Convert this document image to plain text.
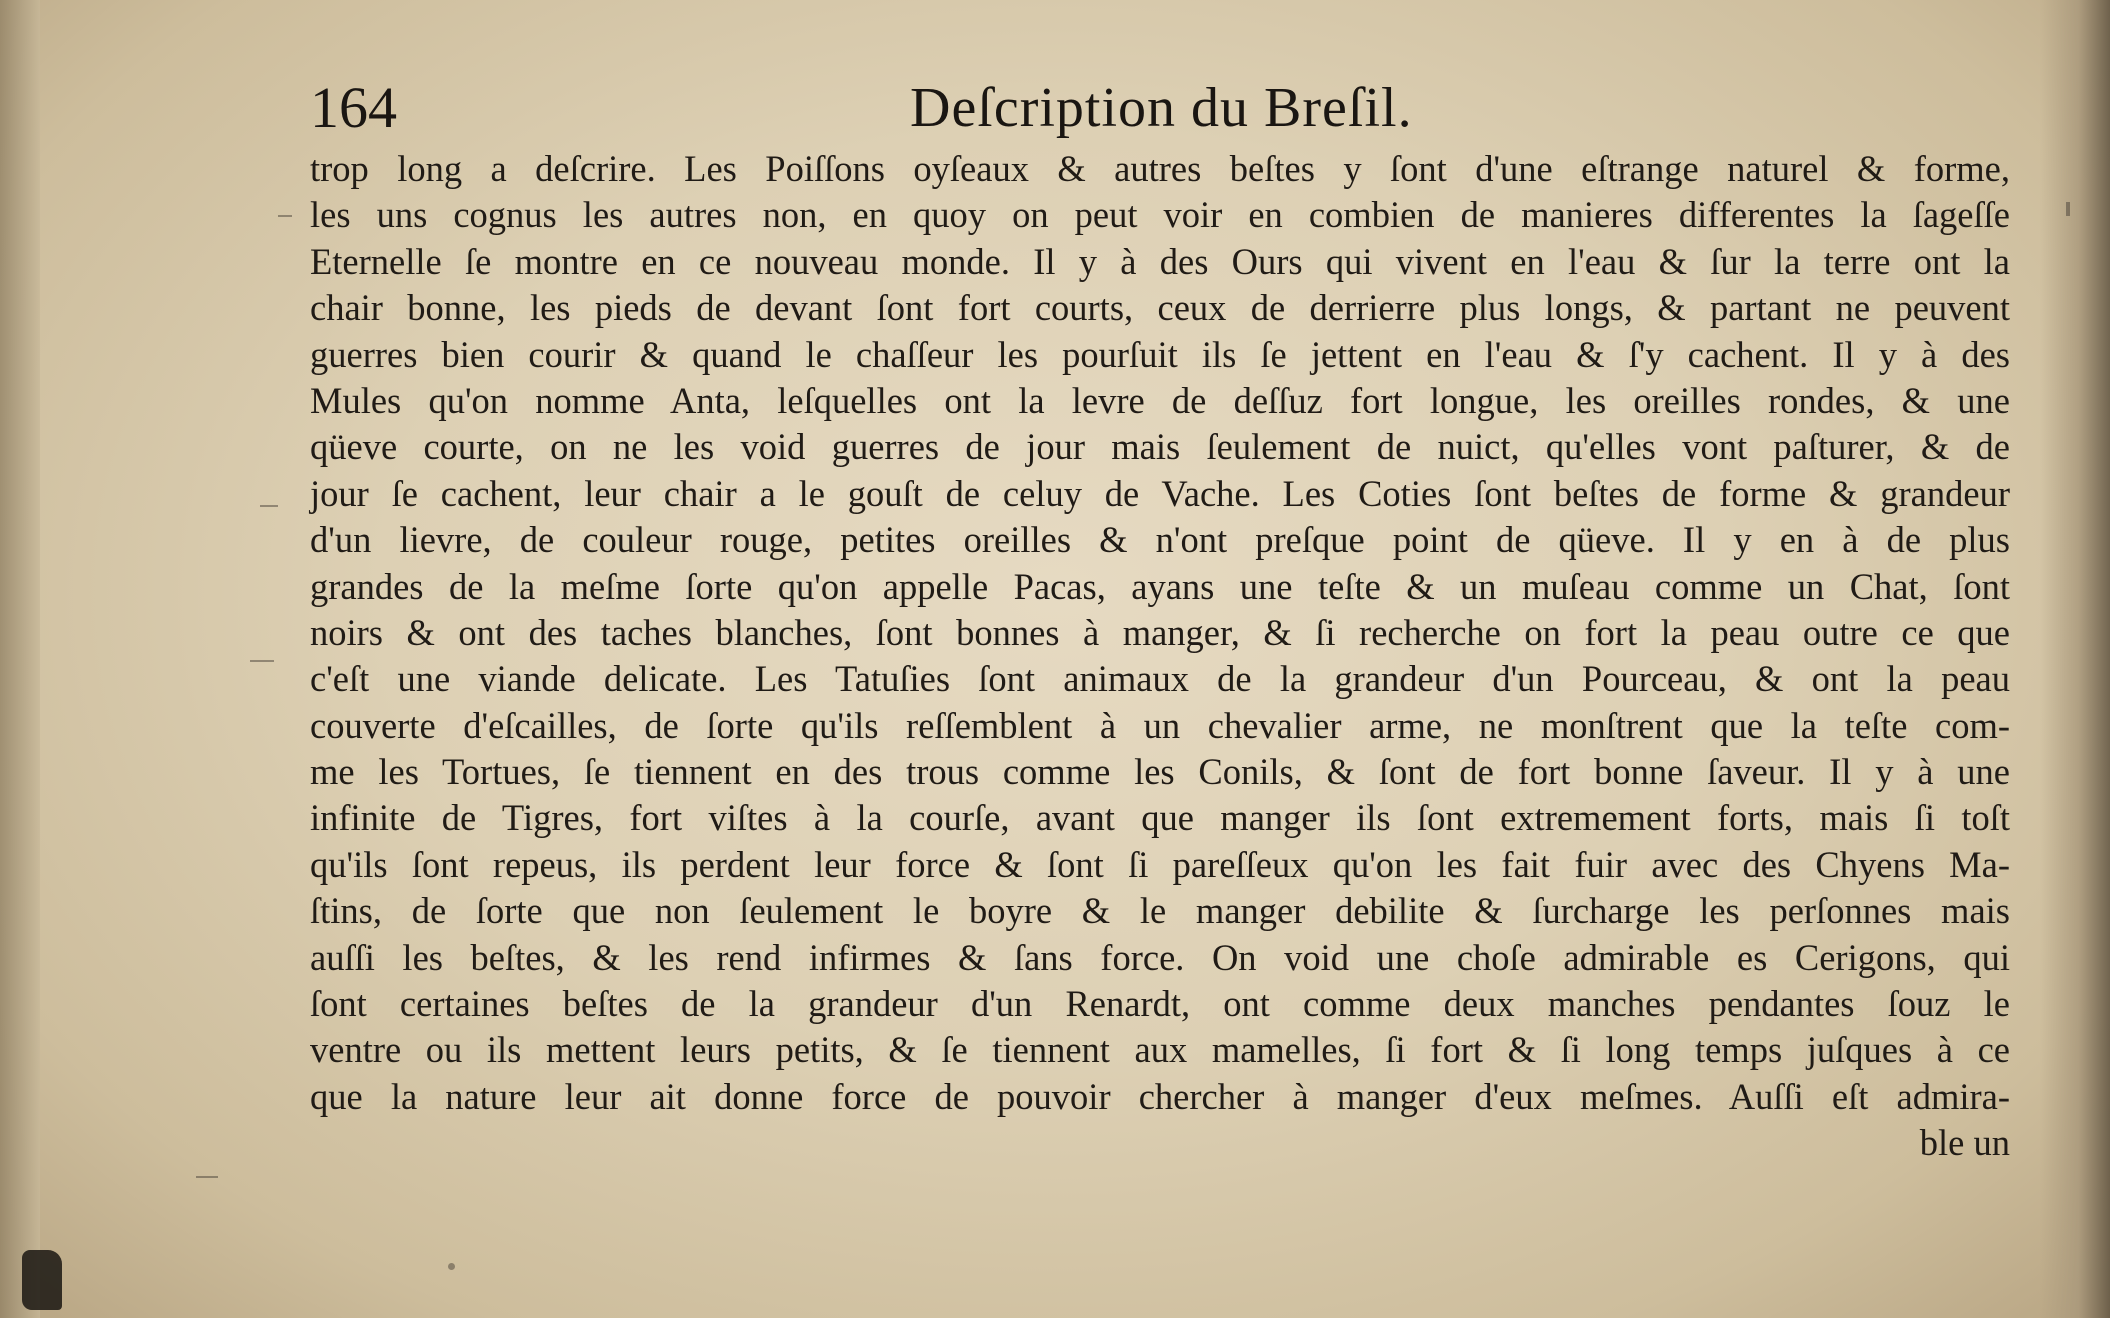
164	Deſcription du Breſil.
trop long a deſcrire. Les Poiſſons oyſeaux & autres beſtes y ſont d'une eſtrange naturel & forme,
les uns cognus les autres non, en quoy on peut voir en combien de manieres differentes la ſageſſe
Eternelle ſe montre en ce nouveau monde. Il y à des Ours qui vivent en l'eau & ſur la terre ont la
chair bonne, les pieds de devant ſont fort courts, ceux de derrierre plus longs, & partant ne peuvent
guerres bien courir & quand le chaſſeur les pourſuit ils ſe jettent en l'eau & ſ'y cachent. Il y à des
Mules qu'on nomme Anta, leſquelles ont la levre de deſſuz fort longue, les oreilles rondes, & une
qüeve courte, on ne les void guerres de jour mais ſeulement de nuict, qu'elles vont paſturer, & de
jour ſe cachent, leur chair a le gouſt de celuy de Vache. Les Coties ſont beſtes de forme & grandeur
d'un lievre, de couleur rouge, petites oreilles & n'ont preſque point de qüeve. Il y en à de plus
grandes de la meſme ſorte qu'on appelle Pacas, ayans une teſte & un muſeau comme un Chat, ſont
noirs & ont des taches blanches, ſont bonnes à manger, & ſi recherche on fort la peau outre ce que
c'eſt une viande delicate. Les Tatuſies ſont animaux de la grandeur d'un Pourceau, & ont la peau
couverte d'eſcailles, de ſorte qu'ils reſſemblent à un chevalier arme, ne monſtrent que la teſte com-
me les Tortues, ſe tiennent en des trous comme les Conils, & ſont de fort bonne ſaveur. Il y à une
infinite de Tigres, fort viſtes à la courſe, avant que manger ils ſont extremement forts, mais ſi toſt
qu'ils ſont repeus, ils perdent leur force & ſont ſi pareſſeux qu'on les fait fuir avec des Chyens Ma-
ſtins, de ſorte que non ſeulement le boyre & le manger debilite & ſurcharge les perſonnes mais
auſſi les beſtes, & les rend infirmes & ſans force. On void une choſe admirable es Cerigons, qui
ſont certaines beſtes de la grandeur d'un Renardt, ont comme deux manches pendantes ſouz le
ventre ou ils mettent leurs petits, & ſe tiennent aux mamelles, ſi fort & ſi long temps juſques à ce
que la nature leur ait donne force de pouvoir chercher à manger d'eux meſmes. Auſſi eſt admira-
ble un
